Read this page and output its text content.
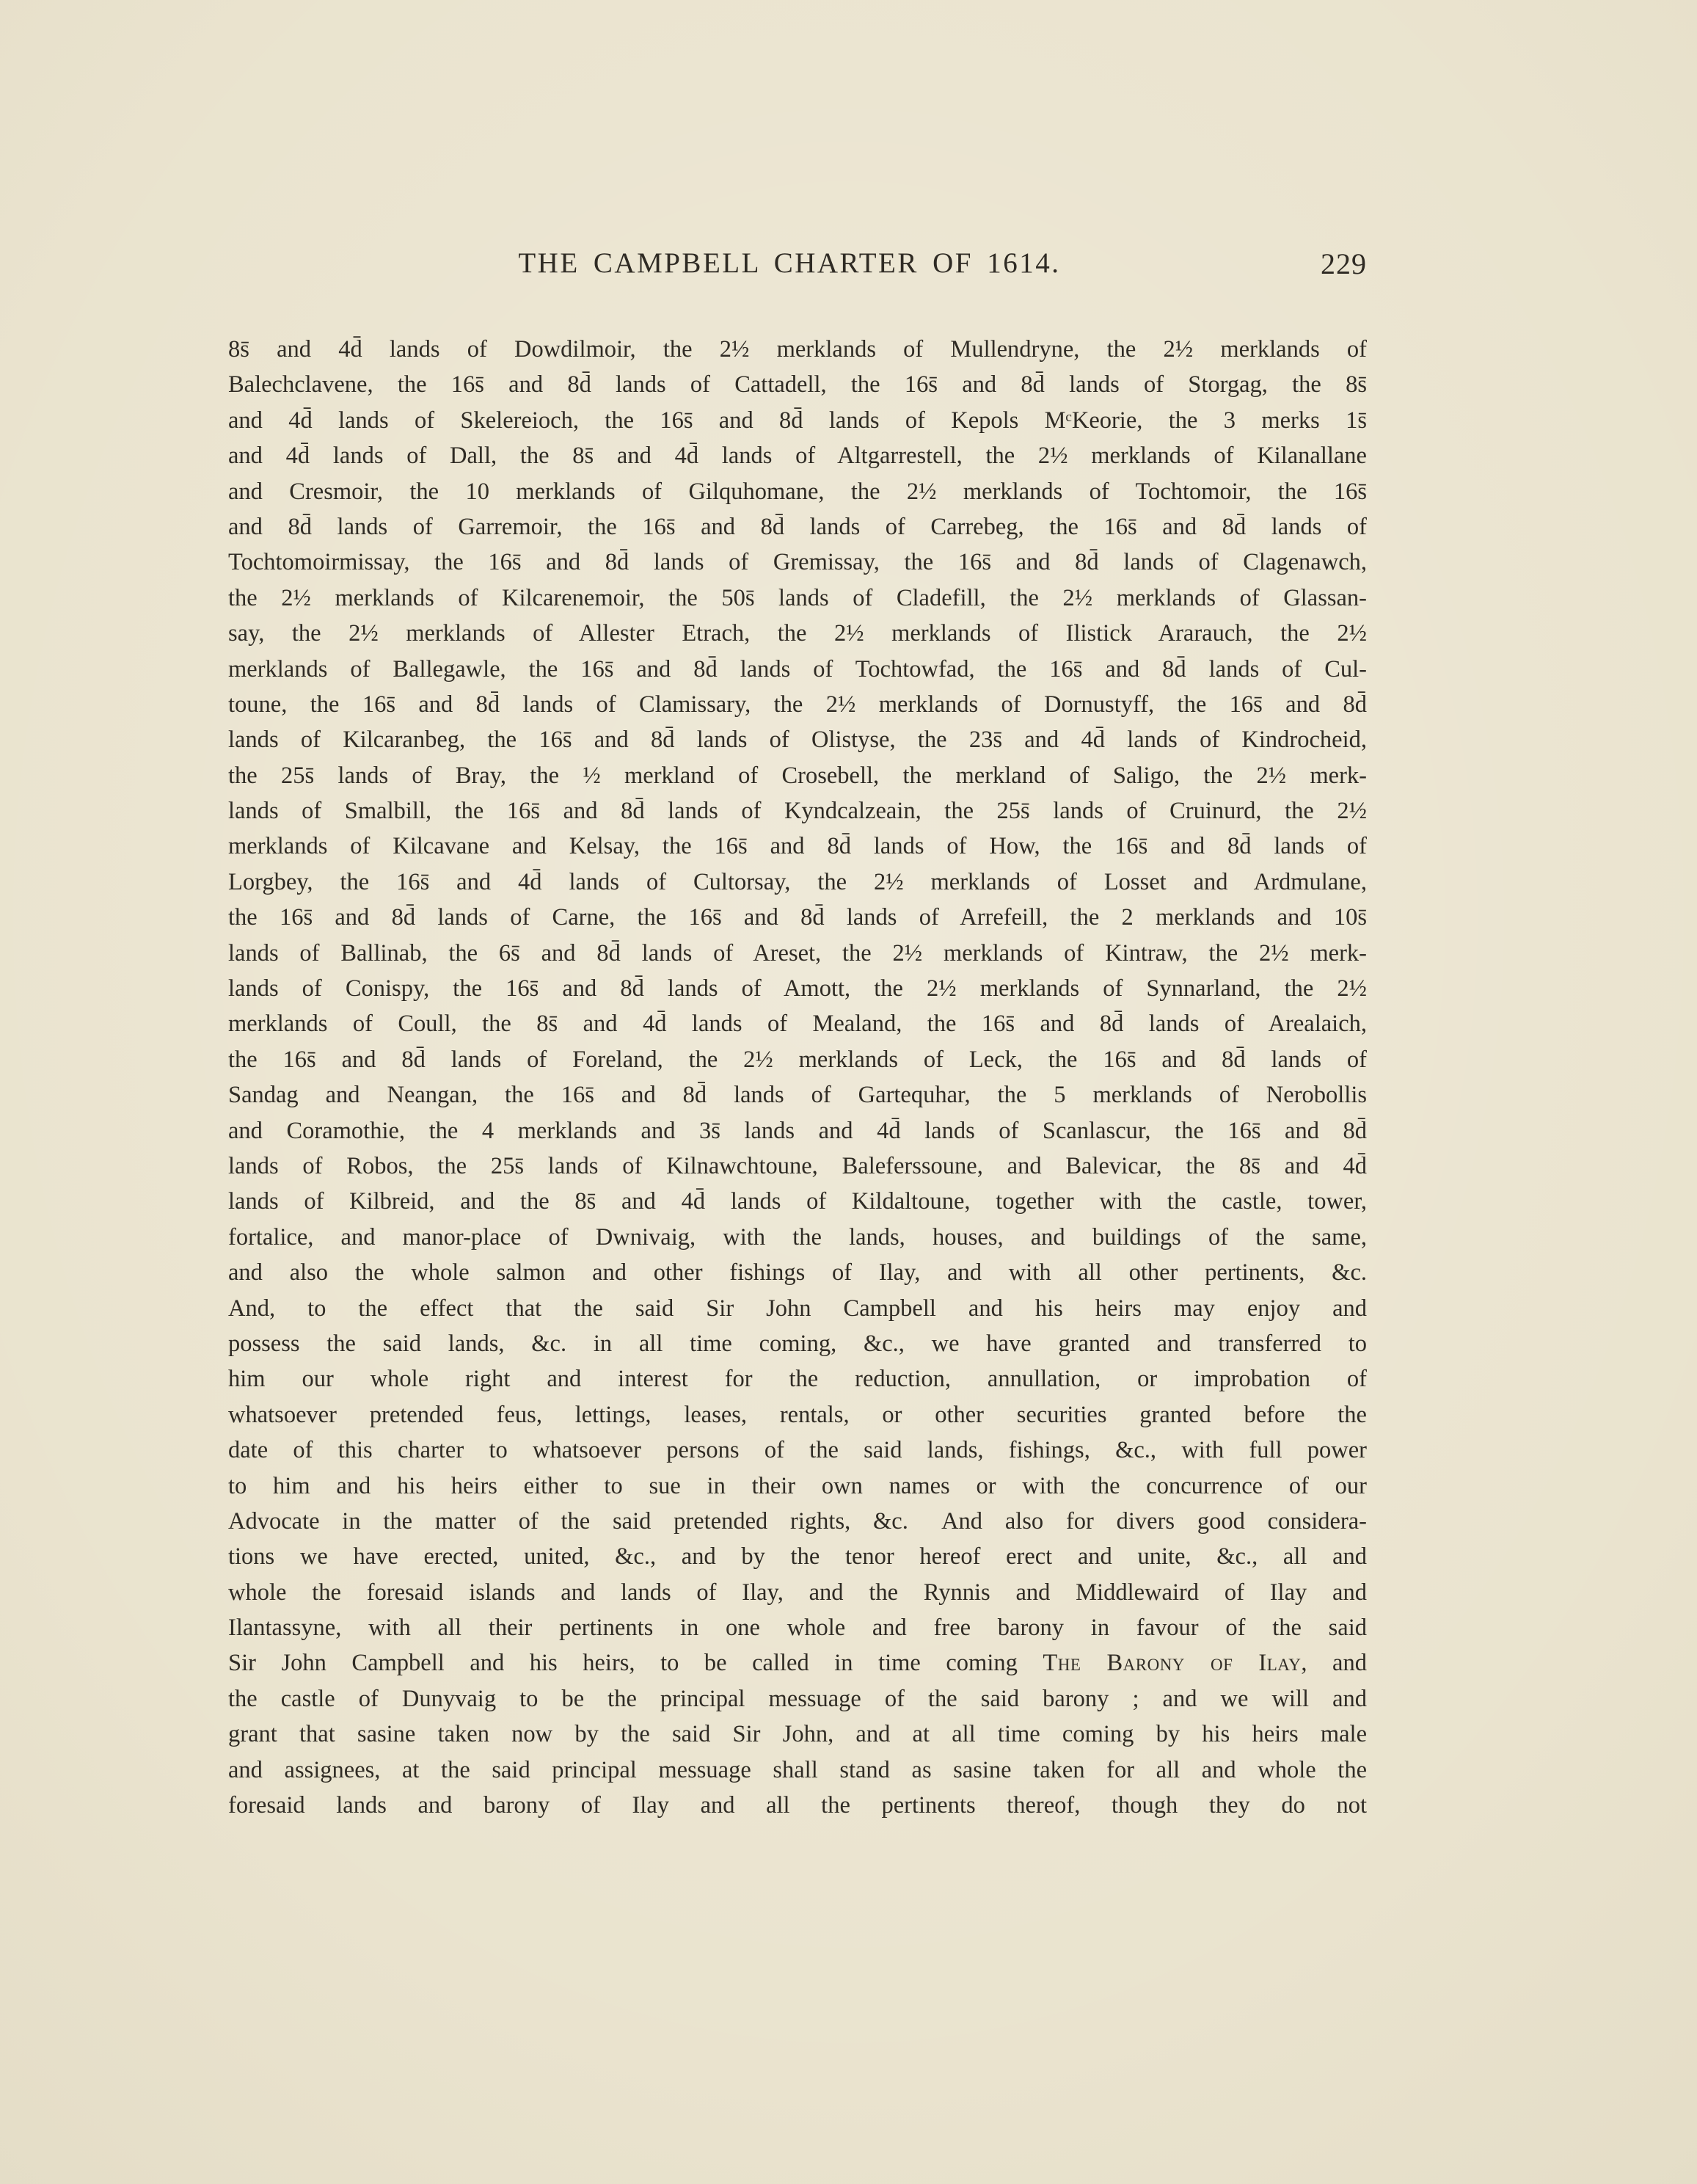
THE CAMPBELL CHARTER OF 1614.	229
8s̄ and 4d̄ lands of Dowdilmoir, the 2½ merklands of Mullendryne, the 2½ merklands of
Balechclavene, the 16s̄ and 8d̄ lands of Cattadell, the 16s̄ and 8d̄ lands of Storgag, the 8s̄
and 4d̄ lands of Skelereioch, the 16s̄ and 8d̄ lands of Kepols MᶜKeorie, the 3 merks 1s̄
and 4d̄ lands of Dall, the 8s̄ and 4d̄ lands of Altgarrestell, the 2½ merklands of Kilanallane
and Cresmoir, the 10 merklands of Gilquhomane, the 2½ merklands of Tochtomoir, the 16s̄
and 8d̄ lands of Garremoir, the 16s̄ and 8d̄ lands of Carrebeg, the 16s̄ and 8d̄ lands of
Tochtomoirmissay, the 16s̄ and 8d̄ lands of Gremissay, the 16s̄ and 8d̄ lands of Clagenawch,
the 2½ merklands of Kilcarenemoir, the 50s̄ lands of Cladefill, the 2½ merklands of Glassan-
say, the 2½ merklands of Allester Etrach, the 2½ merklands of Ilistick Ararauch, the 2½
merklands of Ballegawle, the 16s̄ and 8d̄ lands of Tochtowfad, the 16s̄ and 8d̄ lands of Cul-
toune, the 16s̄ and 8d̄ lands of Clamissary, the 2½ merklands of Dornustyff, the 16s̄ and 8d̄
lands of Kilcaranbeg, the 16s̄ and 8d̄ lands of Olistyse, the 23s̄ and 4d̄ lands of Kindrocheid,
the 25s̄ lands of Bray, the ½ merkland of Crosebell, the merkland of Saligo, the 2½ merk-
lands of Smalbill, the 16s̄ and 8d̄ lands of Kyndcalzeain, the 25s̄ lands of Cruinurd, the 2½
merklands of Kilcavane and Kelsay, the 16s̄ and 8d̄ lands of How, the 16s̄ and 8d̄ lands of
Lorgbey, the 16s̄ and 4d̄ lands of Cultorsay, the 2½ merklands of Losset and Ardmulane,
the 16s̄ and 8d̄ lands of Carne, the 16s̄ and 8d̄ lands of Arrefeill, the 2 merklands and 10s̄
lands of Ballinab, the 6s̄ and 8d̄ lands of Areset, the 2½ merklands of Kintraw, the 2½ merk-
lands of Conispy, the 16s̄ and 8d̄ lands of Amott, the 2½ merklands of Synnarland, the 2½
merklands of Coull, the 8s̄ and 4d̄ lands of Mealand, the 16s̄ and 8d̄ lands of Arealaich,
the 16s̄ and 8d̄ lands of Foreland, the 2½ merklands of Leck, the 16s̄ and 8d̄ lands of
Sandag and Neangan, the 16s̄ and 8d̄ lands of Gartequhar, the 5 merklands of Nerobollis
and Coramothie, the 4 merklands and 3s̄ lands and 4d̄ lands of Scanlascur, the 16s̄ and 8d̄
lands of Robos, the 25s̄ lands of Kilnawchtoune, Baleferssoune, and Balevicar, the 8s̄ and 4d̄
lands of Kilbreid, and the 8s̄ and 4d̄ lands of Kildaltoune, together with the castle, tower,
fortalice, and manor-place of Dwnivaig, with the lands, houses, and buildings of the same,
and also the whole salmon and other fishings of Ilay, and with all other pertinents, &c.
And, to the effect that the said Sir John Campbell and his heirs may enjoy and
possess the said lands, &c. in all time coming, &c., we have granted and transferred to
him our whole right and interest for the reduction, annullation, or improbation of
whatsoever pretended feus, lettings, leases, rentals, or other securities granted before the
date of this charter to whatsoever persons of the said lands, fishings, &c., with full power
to him and his heirs either to sue in their own names or with the concurrence of our
Advocate in the matter of the said pretended rights, &c.  And also for divers good considera-
tions we have erected, united, &c., and by the tenor hereof erect and unite, &c., all and
whole the foresaid islands and lands of Ilay, and the Rynnis and Middlewaird of Ilay and
Ilantassyne, with all their pertinents in one whole and free barony in favour of the said
Sir John Campbell and his heirs, to be called in time coming The Barony of Ilay, and
the castle of Dunyvaig to be the principal messuage of the said barony ; and we will and
grant that sasine taken now by the said Sir John, and at all time coming by his heirs male
and assignees, at the said principal messuage shall stand as sasine taken for all and whole the
foresaid lands and barony of Ilay and all the pertinents thereof, though they do not
